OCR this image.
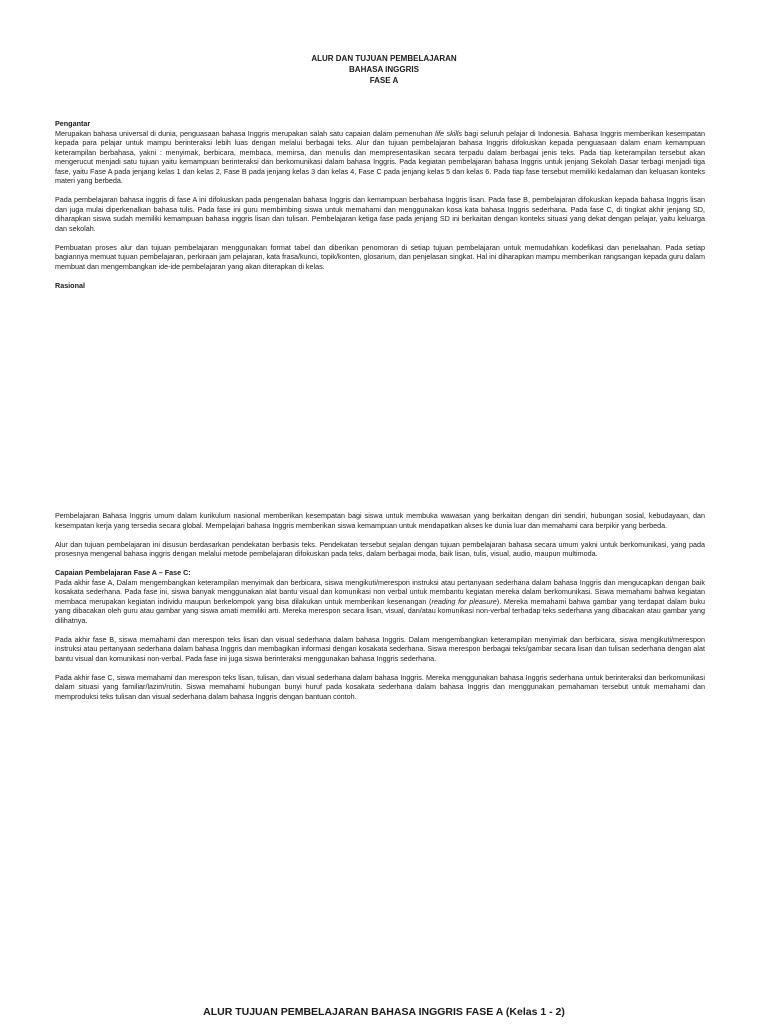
ALUR DAN TUJUAN PEMBELAJARAN
BAHASA INGGRIS
FASE A

Pengantar

Merupakan bahasa universal di dunia, penguasaan bahasa Inggris merupakan salah satu capaian dalam pemenuhan life skills bagi seluruh pelajar di Indonesia. Bahasa Inggris memberikan kesempatan kepada para pelajar untuk mampu berinteraksi lebih luas dengan melalui berbagai teks. Alur dan tujuan pembelajaran bahasa Inggris difokuskan kepada penguasaan dalam enam kemampuan keterampilan berbahasa, yakni : menyimak, berbicara, membaca, memirsa, dan menulis dan mempresentasikan secara terpadu dalam berbagai jenis teks. Pada tiap keterampilan tersebut akan mengerucut menjadi satu tujuan yaitu kemampuan berinteraksi dan berkomunikasi dalam bahasa Inggris. Pada kegiatan pembelajaran bahasa Inggris untuk jenjang Sekolah Dasar terbagi menjadi tiga fase, yaitu Fase A pada jenjang kelas 1 dan kelas 2, Fase B pada jenjang kelas 3 dan kelas 4, Fase C pada jenjang kelas 5 dan kelas 6. Pada tiap fase tersebut memiliki kedalaman dan keluasan konteks materi yang berbeda.

Pada pembelajaran bahasa inggris di fase A ini difokuskan pada pengenalan bahasa Inggris dan kemampuan berbahasa Inggris lisan. Pada fase B, pembelajaran difokuskan kepada bahasa Inggris lisan dan juga mulai diperkenalkan bahasa tulis. Pada fase ini guru membimbing siswa untuk memahami dan menggunakan kosa kata bahasa Inggris sederhana. Pada fase C, di tingkat akhir jenjang SD, diharapkan siswa sudah memiliki kemampuan bahasa inggris lisan dan tulisan. Pembelajaran ketiga fase pada jenjang SD ini berkaitan dengan konteks situasi yang dekat dengan pelajar, yaitu keluarga dan sekolah.

Pembuatan proses alur dan tujuan pembelajaran menggunakan format tabel dan diberikan penomoran di setiap tujuan pembelajaran untuk memudahkan kodefikasi dan penelaahan. Pada setiap bagiannya memuat tujuan pembelajaran, perkiraan jam pelajaran, kata frasa/kunci, topik/konten, glosarium, dan penjelasan singkat. Hal ini diharapkan mampu memberikan rangsangan kepada guru dalam membuat dan mengembangkan ide-ide pembelajaran yang akan diterapkan di kelas.

Rasional

Pembelajaran Bahasa Inggris umum dalam kurikulum nasional memberikan kesempatan bagi siswa untuk membuka wawasan yang berkaitan dengan diri sendiri, hubungan sosial, kebudayaan, dan kesempatan kerja yang tersedia secara global. Mempelajari bahasa Inggris memberikan siswa kemampuan untuk mendapatkan akses ke dunia luar dan memahami cara berpikir yang berbeda.

Alur dan tujuan pembelajaran ini disusun berdasarkan pendekatan berbasis teks. Pendekatan tersebut sejalan dengan tujuan pembelajaran bahasa secara umum yakni untuk berkomunikasi, yang pada prosesnya mengenal bahasa inggris dengan melalui metode pembelajaran difokuskan pada teks, dalam berbagai moda, baik lisan, tulis, visual, audio, maupun multimoda.

Capaian Pembelajaran Fase A – Fase C:

Pada akhir fase A, Dalam mengembangkan keterampilan menyimak dan berbicara, siswa mengikuti/merespon instruksi atau pertanyaan sederhana dalam bahasa Inggris dan mengucapkan dengan baik kosakata sederhana. Pada fase ini, siswa banyak menggunakan alat bantu visual dan komunikasi non verbal untuk membantu kegiatan mereka dalam berkomunikasi. Siswa memahami bahwa kegiatan membaca merupakan kegiatan individu maupun berkelompok yang bisa dilakukan untuk memberikan kesenangan (reading for pleasure). Mereka memahami bahwa gambar yang terdapat dalam buku yang dibacakan oleh guru atau gambar yang siswa amati memiliki arti. Mereka merespon secara lisan, visual, dan/atau komunikasi non-verbal terhadap teks sederhana yang dibacakan atau gambar yang dilihatnya.

Pada akhir fase B, siswa memahami dan merespon teks lisan dan visual sederhana dalam bahasa Inggris. Dalam mengembangkan keterampilan menyimak dan berbicara, siswa mengikuti/merespon instruksi atau pertanyaan sederhana dalam bahasa Inggris dan membagikan informasi dengan kosakata sederhana. Siswa merespon berbagai teks/gambar secara lisan dan tulisan sederhana dengan alat bantu visual dan komunikasi non-verbal. Pada fase ini juga siswa berinteraksi menggunakan bahasa Inggris sederhana.

Pada akhir fase C, siswa memahami dan merespon teks lisan, tulisan, dan visual sederhana dalam bahasa Inggris. Mereka menggunakan bahasa Inggris sederhana untuk berinteraksi dan berkomunikasi dalam situasi yang familiar/lazim/rutin. Siswa memahami hubungan bunyi huruf pada kosakata sederhana dalam bahasa Inggris dan menggunakan pemahaman tersebut untuk memahami dan memproduksi teks tulisan dan visual sederhana dalam bahasa Inggris dengan bantuan contoh.

ALUR TUJUAN PEMBELAJARAN BAHASA INGGRIS FASE A (Kelas 1 - 2)
